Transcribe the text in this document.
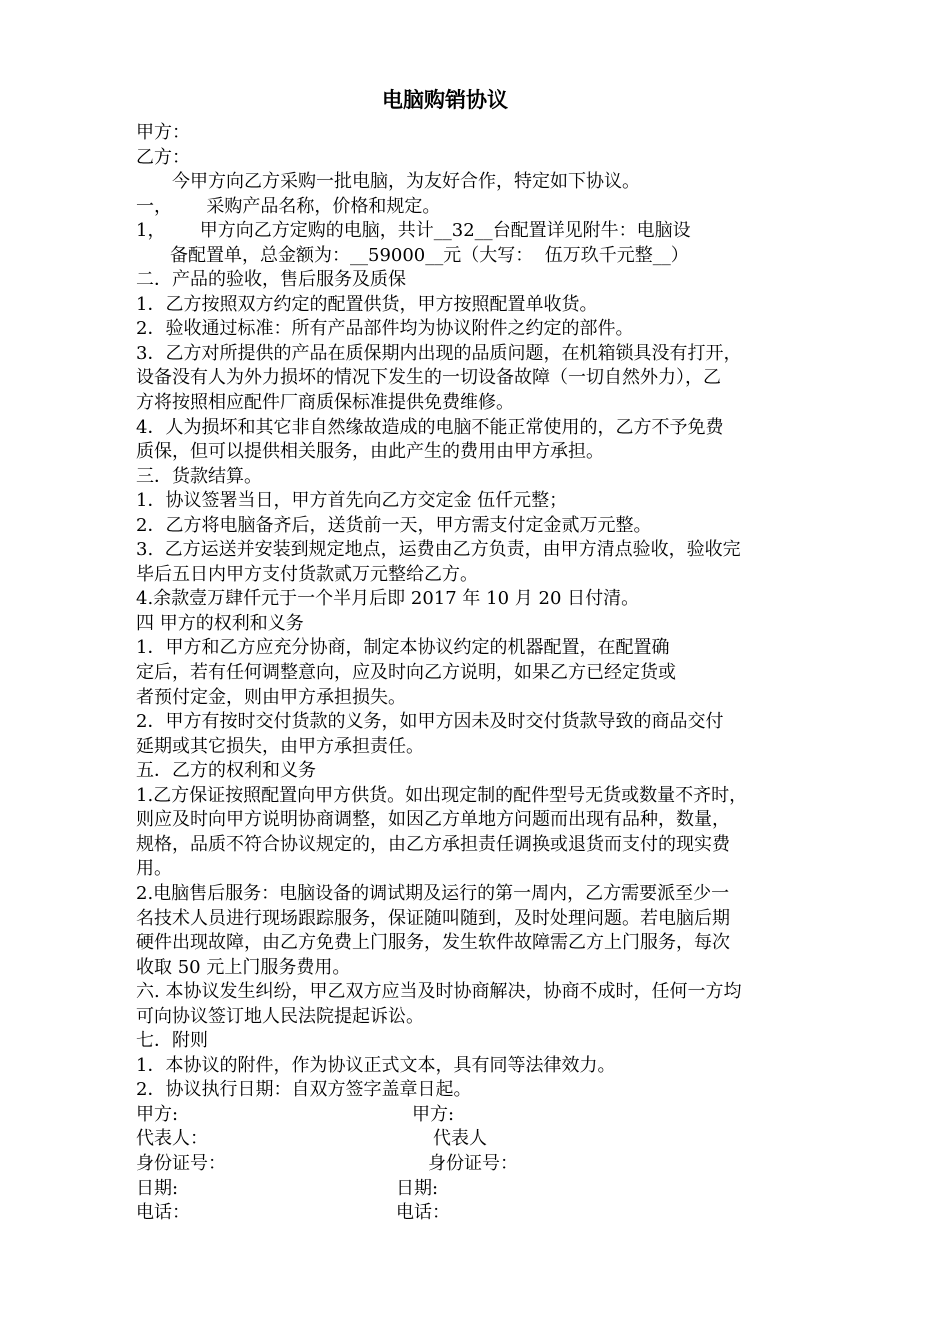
电脑购销协议
甲方：
乙方：
今甲方向乙方采购一批电脑，为友好合作，特定如下协议。
一，      采购产品名称，价格和规定。
1，      甲方向乙方定购的电脑，共计__32__台配置详见附牛：电脑设
备配置单，总金额为：__59000__元（大写：  伍万玖千元整__）
二．产品的验收，售后服务及质保
1．乙方按照双方约定的配置供货，甲方按照配置单收货。
2．验收通过标准：所有产品部件均为协议附件之约定的部件。
3．乙方对所提供的产品在质保期内出现的品质问题，在机箱锁具没有打开，
设备没有人为外力损坏的情况下发生的一切设备故障（一切自然外力），乙
方将按照相应配件厂商质保标准提供免费维修。
4．人为损坏和其它非自然缘故造成的电脑不能正常使用的，乙方不予免费
质保，但可以提供相关服务，由此产生的费用由甲方承担。
三．货款结算。
1．协议签署当日，甲方首先向乙方交定金 伍仟元整；
2．乙方将电脑备齐后，送货前一天，甲方需支付定金贰万元整。
3.  乙方运送并安装到规定地点，运费由乙方负责，由甲方清点验收，验收完
毕后五日内甲方支付货款贰万元整给乙方。
4.余款壹万肆仟元于一个半月后即 2017 年 10 月 20 日付清。
四 甲方的权利和义务
1．甲方和乙方应充分协商，制定本协议约定的机器配置，在配置确
定后，若有任何调整意向，应及时向乙方说明，如果乙方已经定货或
者预付定金，则由甲方承担损失。
2．甲方有按时交付货款的义务，如甲方因未及时交付货款导致的商品交付
延期或其它损失，由甲方承担责任。
五．乙方的权利和义务
1.乙方保证按照配置向甲方供货。如出现定制的配件型号无货或数量不齐时，
则应及时向甲方说明协商调整，如因乙方单地方问题而出现有品种，数量，
规格，品质不符合协议规定的，由乙方承担责任调换或退货而支付的现实费
用。
2.电脑售后服务：电脑设备的调试期及运行的第一周内，乙方需要派至少一
名技术人员进行现场跟踪服务，保证随叫随到，及时处理问题。若电脑后期
硬件出现故障，由乙方免费上门服务，发生软件故障需乙方上门服务，每次
收取 50 元上门服务费用。
六. 本协议发生纠纷，甲乙双方应当及时协商解决，协商不成时，任何一方均
可向协议签订地人民法院提起诉讼。
七．附则
1．本协议的附件，作为协议正式文本，具有同等法律效力。
2．协议执行日期：自双方签字盖章日起。
甲方:	甲方:
代表人：	代表人
身份证号：	身份证号：
日期:	日期:
电话：	电话：
